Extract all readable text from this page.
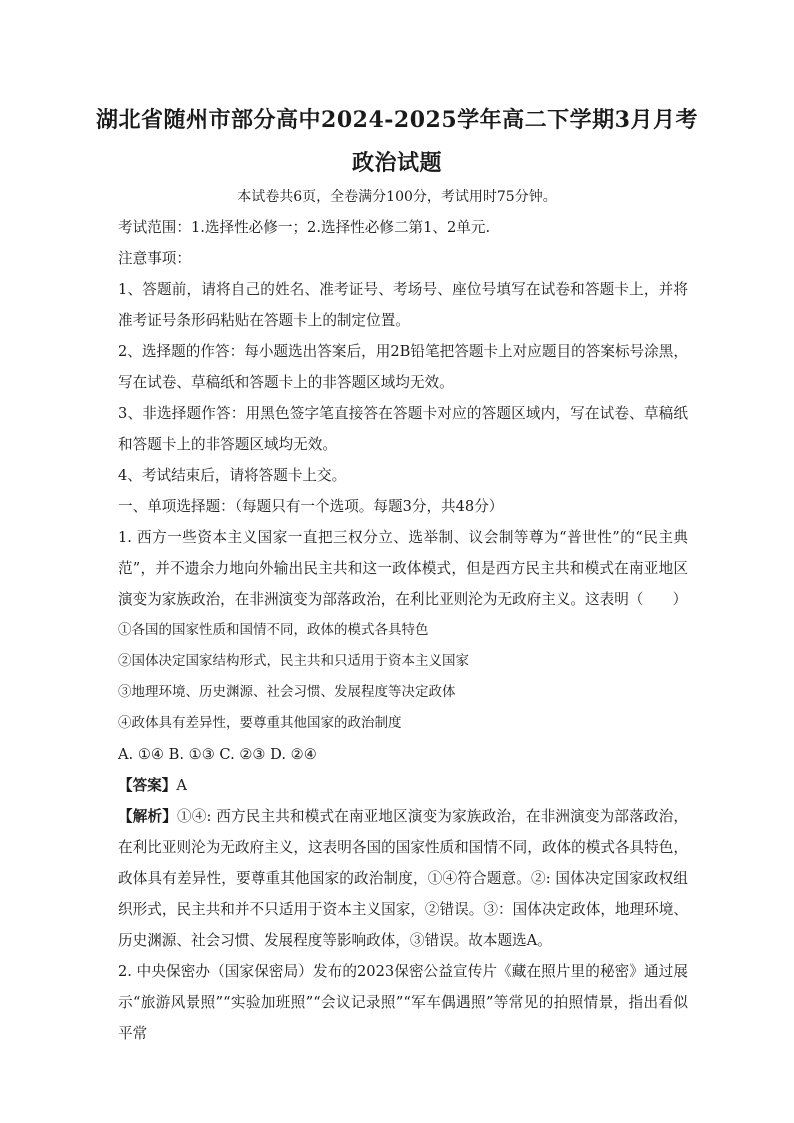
湖北省随州市部分高中2024-2025学年高二下学期3月月考
政治试题
本试卷共6页，全卷满分100分，考试用时75分钟。

考试范围：1.选择性必修一；2.选择性必修二第1、2单元.

注意事项：

1、答题前，请将自己的姓名、准考证号、考场号、座位号填写在试卷和答题卡上，并将准考证号条形码粘贴在答题卡上的制定位置。

2、选择题的作答：每小题选出答案后，用2B铅笔把答题卡上对应题目的答案标号涂黑，写在试卷、草稿纸和答题卡上的非答题区域均无效。

3、非选择题作答：用黑色签字笔直接答在答题卡对应的答题区域内，写在试卷、草稿纸和答题卡上的非答题区域均无效。

4、考试结束后，请将答题卡上交。

一、单项选择题：（每题只有一个选项。每题3分，共48分）

1. 西方一些资本主义国家一直把三权分立、选举制、议会制等尊为“普世性”的“民主典范”，并不遗余力地向外输出民主共和这一政体模式，但是西方民主共和模式在南亚地区演变为家族政治，在非洲演变为部落政治，在利比亚则沦为无政府主义。这表明（　　）

①各国的国家性质和国情不同，政体的模式各具特色

②国体决定国家结构形式，民主共和只适用于资本主义国家

③地理环境、历史渊源、社会习惯、发展程度等决定政体

④政体具有差异性，要尊重其他国家的政治制度

A. ①④ B. ①③ C. ②③ D. ②④

【答案】A

【解析】①④: 西方民主共和模式在南亚地区演变为家族政治，在非洲演变为部落政治，在利比亚则沦为无政府主义，这表明各国的国家性质和国情不同，政体的模式各具特色，政体具有差异性，要尊重其他国家的政治制度，①④符合题意。②: 国体决定国家政权组织形式，民主共和并不只适用于资本主义国家，②错误。③：国体决定政体，地理环境、历史渊源、社会习惯、发展程度等影响政体，③错误。故本题选A。

2. 中央保密办（国家保密局）发布的2023保密公益宣传片《藏在照片里的秘密》通过展示“旅游风景照”“实验加班照”“会议记录照”“军车偶遇照”等常见的拍照情景，指出看似平常
